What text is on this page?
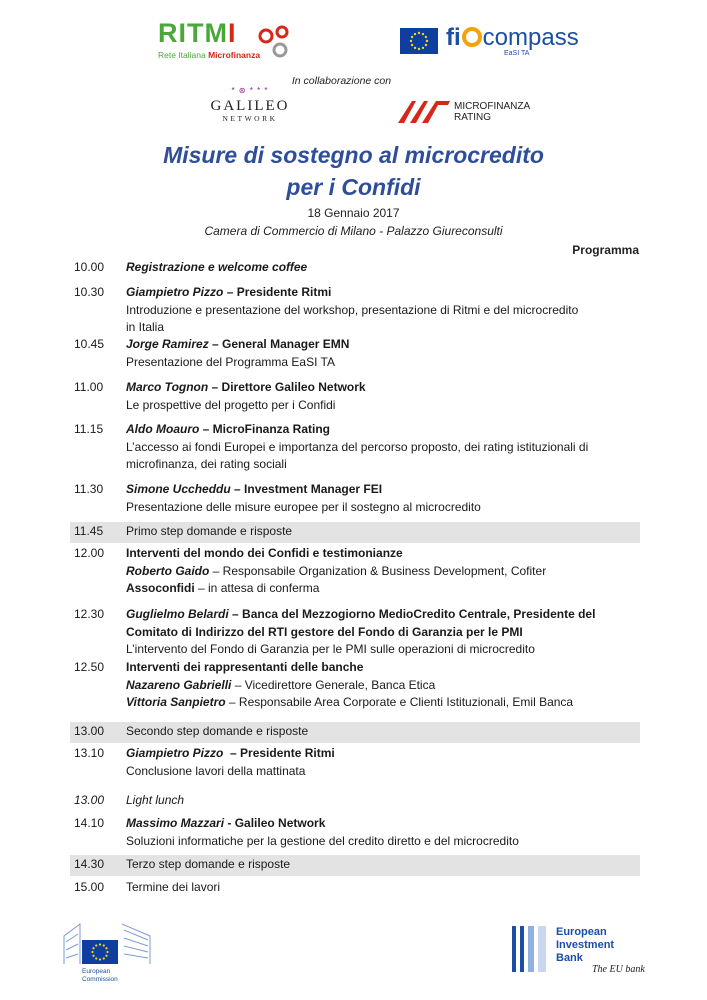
RITMI
Rete Italiana Microfinanza
fi compass
EaSI TA
In collaborazione con
* ⊛ * * *
GALILEO
NETWORK
MICROFINANZA
RATING
Misure di sostegno al microcredito
per i Confidi
18 Gennaio 2017
Camera di Commercio di Milano - Palazzo Giureconsulti
Programma
10.00	Registrazione e welcome coffee
10.30	Giampietro Pizzo – Presidente Ritmi
Introduzione e presentazione del workshop, presentazione di Ritmi e del microcredito
in Italia
10.45	Jorge Ramirez – General Manager EMN
Presentazione del Programma EaSI TA
11.00	Marco Tognon – Direttore Galileo Network
Le prospettive del progetto per i Confidi
11.15	Aldo Moauro – MicroFinanza Rating
L’accesso ai fondi Europei e importanza del percorso proposto, dei rating istituzionali di
microfinanza, dei rating sociali
11.30	Simone Uccheddu – Investment Manager FEI
Presentazione delle misure europee per il sostegno al microcredito
11.45	Primo step domande e risposte
12.00	Interventi del mondo dei Confidi e testimonianze
Roberto Gaido – Responsabile Organization & Business Development, Cofiter
Assoconfidi – in attesa di conferma
12.30	Guglielmo Belardi – Banca del Mezzogiorno MedioCredito Centrale, Presidente del
Comitato di Indirizzo del RTI gestore del Fondo di Garanzia per le PMI
L’intervento del Fondo di Garanzia per le PMI sulle operazioni di microcredito
12.50	Interventi dei rappresentanti delle banche
Nazareno Gabrielli – Vicedirettore Generale, Banca Etica
Vittoria Sanpietro – Responsabile Area Corporate e Clienti Istituzionali, Emil Banca
13.00	Secondo step domande e risposte
13.10	Giampietro Pizzo  – Presidente Ritmi
Conclusione lavori della mattinata
13.00	Light lunch
14.10	Massimo Mazzari - Galileo Network
Soluzioni informatiche per la gestione del credito diretto e del microcredito
14.30	Terzo step domande e risposte
15.00	Termine dei lavori
European
Commission
European
Investment
Bank
The EU bank
